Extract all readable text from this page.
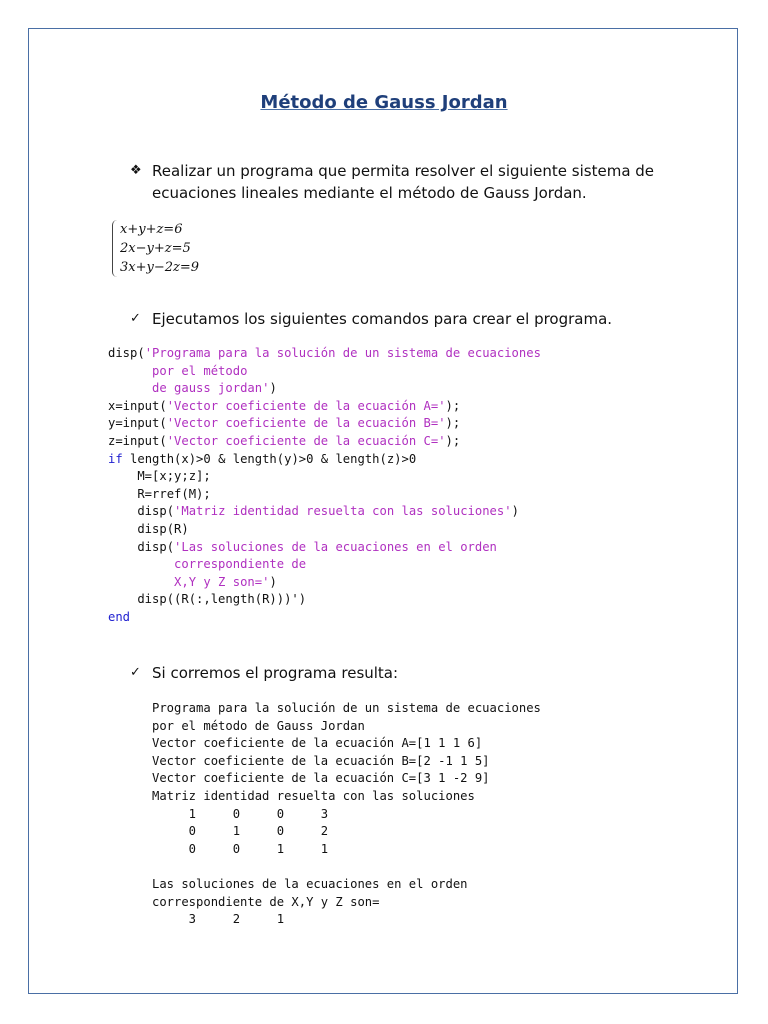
Método de Gauss Jordan
❖ Realizar un programa que permita resolver el siguiente sistema de ecuaciones lineales mediante el método de Gauss Jordan.
x+y+z=6
2x−y+z=5
3x+y−2z=9
✓ Ejecutamos los siguientes comandos para crear el programa.
disp('Programa para la solución de un sistema de ecuaciones
por el método
de gauss jordan')
x=input('Vector coeficiente de la ecuación A=');
y=input('Vector coeficiente de la ecuación B=');
z=input('Vector coeficiente de la ecuación C=');
if length(x)>0 & length(y)>0 & length(z)>0
M=[x;y;z];
R=rref(M);
disp('Matriz identidad resuelta con las soluciones')
disp(R)
disp('Las soluciones de la ecuaciones en el orden
correspondiente de
X,Y y Z son=')
disp((R(:,length(R)))')
end
✓ Si corremos el programa resulta:
Programa para la solución de un sistema de ecuaciones
por el método de Gauss Jordan
Vector coeficiente de la ecuación A=[1 1 1 6]
Vector coeficiente de la ecuación B=[2 -1 1 5]
Vector coeficiente de la ecuación C=[3 1 -2 9]
Matriz identidad resuelta con las soluciones
1     0     0     3
0     1     0     2
0     0     1     1

Las soluciones de la ecuaciones en el orden
correspondiente de X,Y y Z son=
3     2     1
